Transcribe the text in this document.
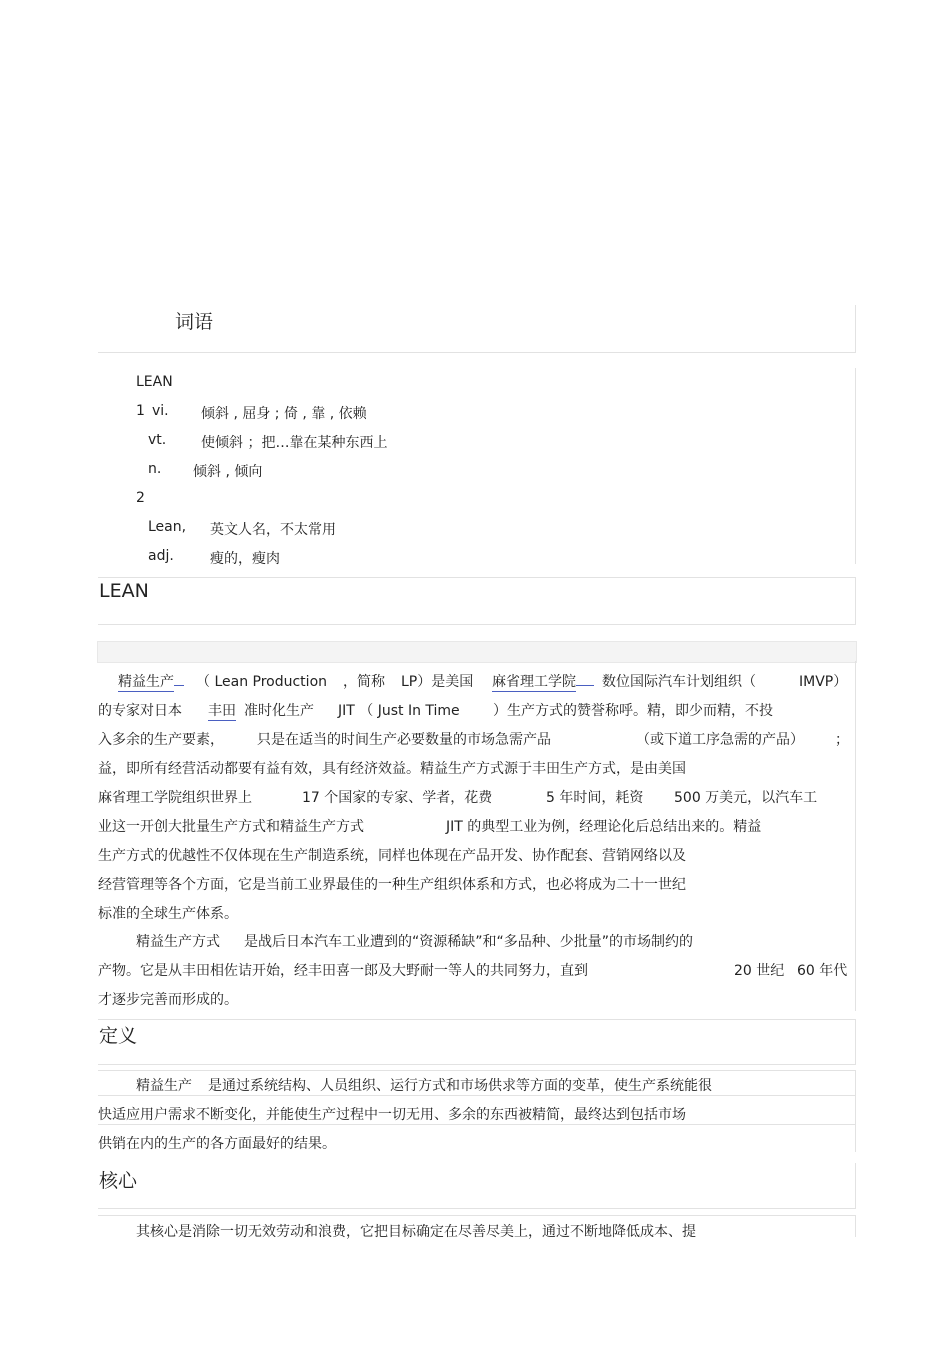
词语
LEAN
1 vi. 倾斜 , 屈身 ; 倚 , 靠 , 依赖
vt. 使倾斜 ；把…靠在某种东西上
n. 倾斜 , 倾向
2
Lean, 英文人名，不太常用
adj.	瘦的，瘦肉
LEAN
精益生产	（ Lean Production ，简称 LP）是美国 麻省理工学院	数位国际汽车计划组织（	IMVP）
的专家对日本 丰田 准时化生产 JIT （ Just In Time ）生产方式的赞誉称呼。精，即少而精，不投
入多余的生产要素， 只是在适当的时间生产必要数量的市场急需产品	（或下道工序急需的产品） ；
益，即所有经营活动都要有益有效，具有经济效益。精益生产方式源于丰田生产方式，是由美国
麻省理工学院组织世界上	17 个国家的专家、学者，花费	5 年时间，耗资 500 万美元，以汽车工
业这一开创大批量生产方式和精益生产方式	JIT 的典型工业为例，经理论化后总结出来的。精益
生产方式的优越性不仅体现在生产制造系统，同样也体现在产品开发、协作配套、营销网络以及
经营管理等各个方面，它是当前工业界最佳的一种生产组织体系和方式，也必将成为二十一世纪
标准的全球生产体系。
精益生产方式 是战后日本汽车工业遭到的“资源稀缺”和“多品种、少批量”的市场制约的
产物。它是从丰田相佐诘开始，经丰田喜一郎及大野耐一等人的共同努力，直到	20 世纪 60 年代
才逐步完善而形成的。
定义
精益生产 是通过系统结构、人员组织、运行方式和市场供求等方面的变革，使生产系统能很
快适应用户需求不断变化，并能使生产过程中一切无用、多余的东西被精简，最终达到包括市场
供销在内的生产的各方面最好的结果。
核心
其核心是消除一切无效劳动和浪费，它把目标确定在尽善尽美上，通过不断地降低成本、提
